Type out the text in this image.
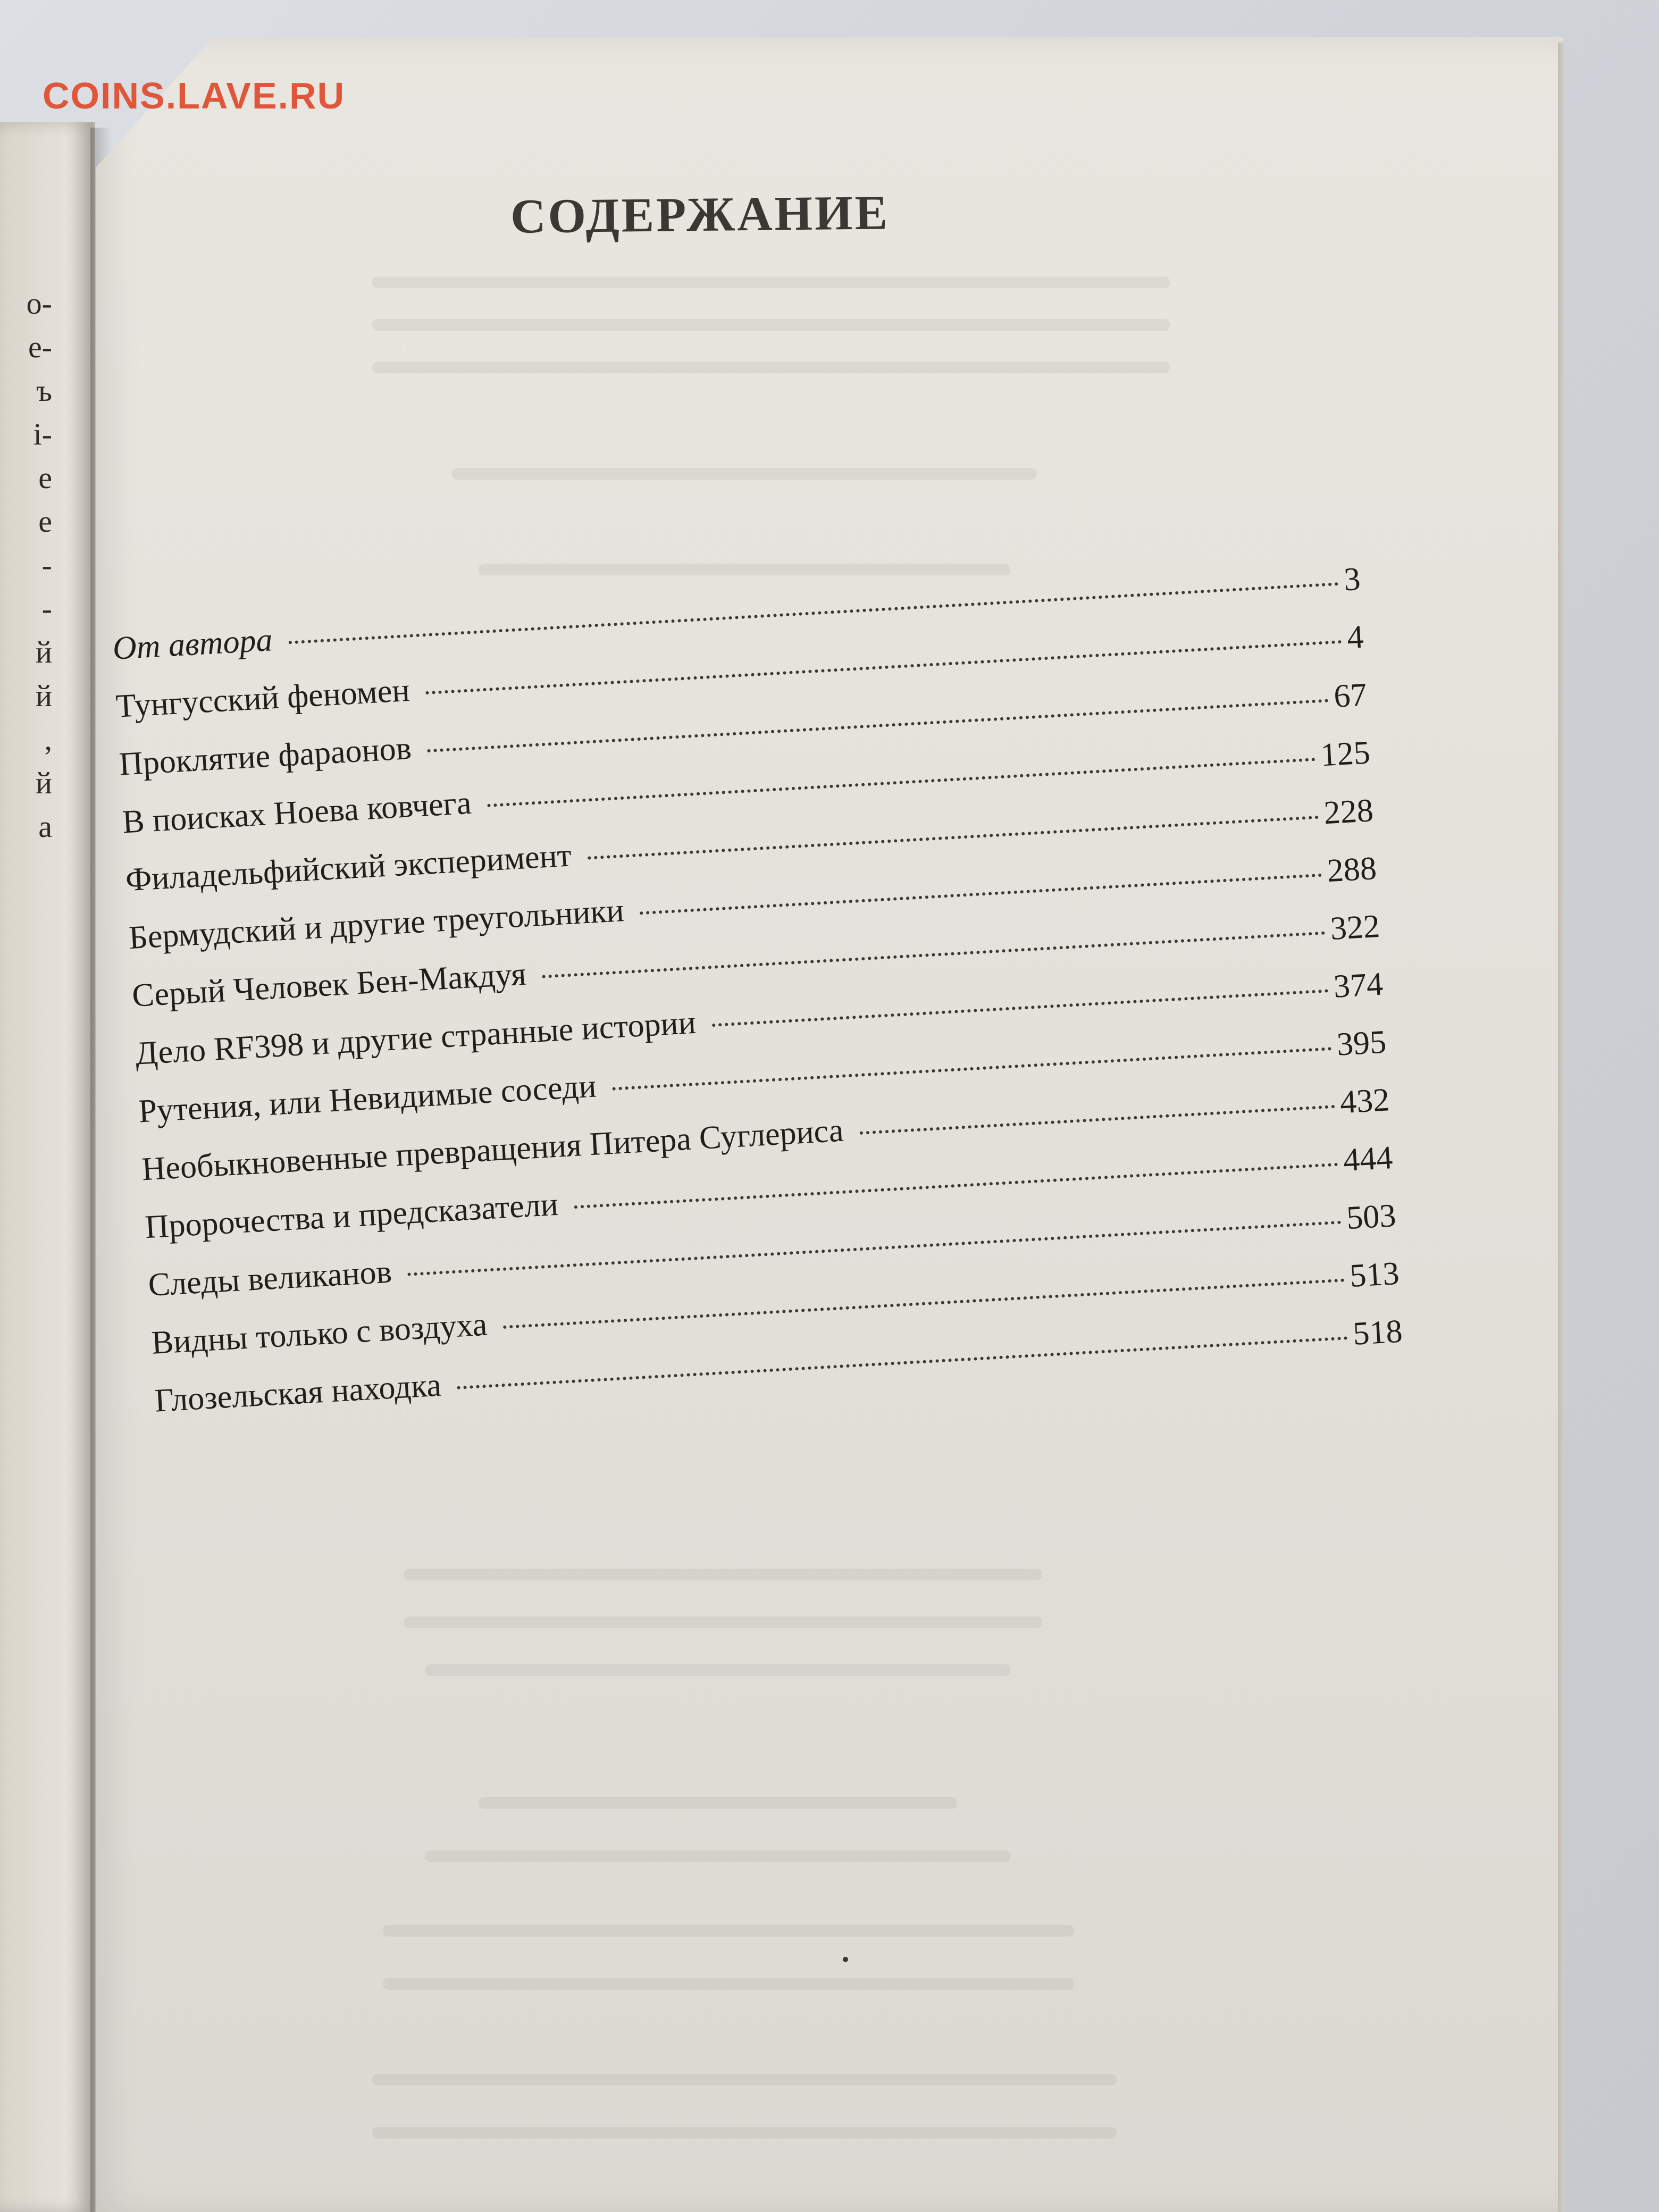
о-
е-
ъ
і-
е
е
-
-
й
й
,
й
а
COINS.LAVE.RU
СОДЕРЖАНИЕ
От автора
3
Тунгусский феномен
4
Проклятие фараонов
67
В поисках Ноева ковчега
125
Филадельфийский эксперимент
228
Бермудский и другие треугольники
288
Серый Человек Бен-Макдуя
322
Дело RF398 и другие странные истории
374
Рутения, или Невидимые соседи
395
Необыкновенные превращения Питера Суглериса
432
Пророчества и предсказатели
444
Следы великанов
503
Видны только с воздуха
513
Глозельская находка
518
